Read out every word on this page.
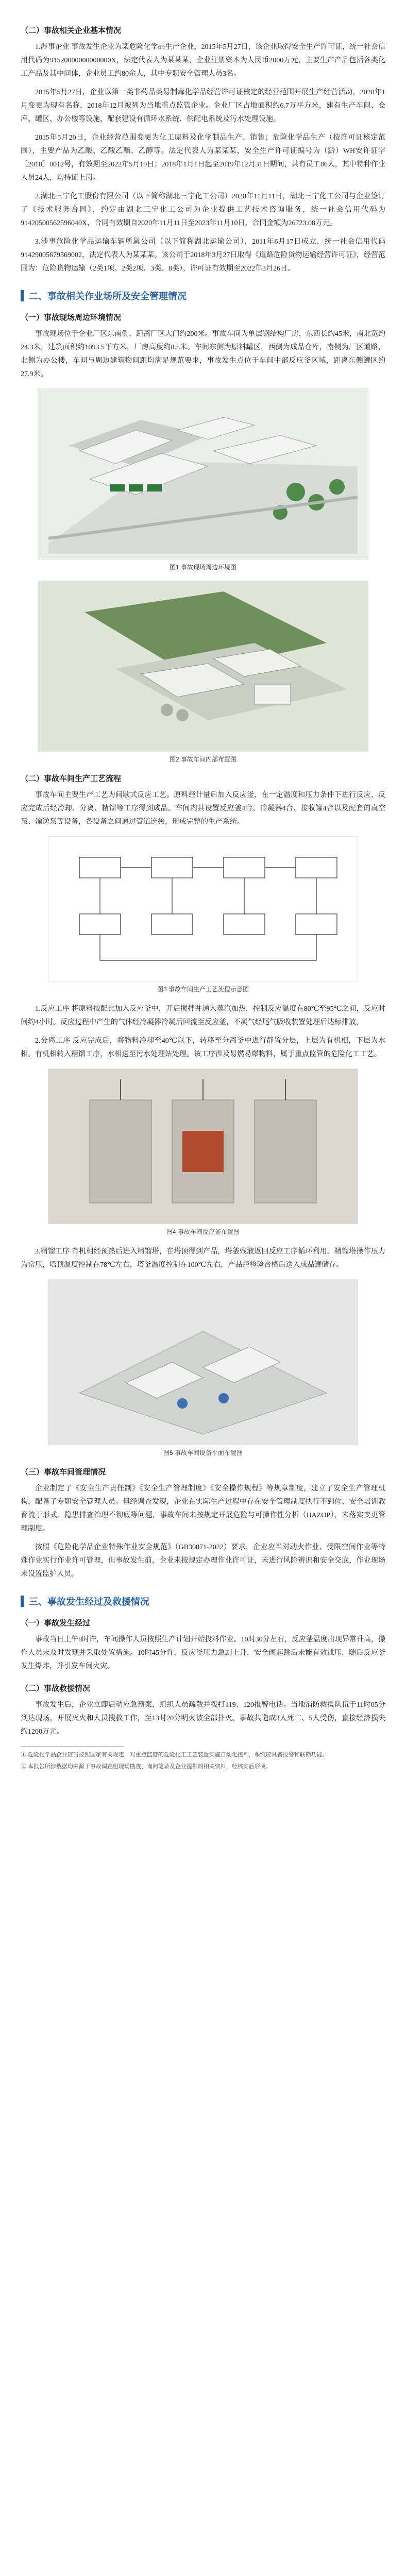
（二）事故相关企业基本情况

1.涉事企业 事故发生企业为某危险化学品生产企业，2015年5月27日，该企业取得安全生产许可证，统一社会信用代码为91520000000000000X，法定代表人为某某某，企业注册资本为人民币2000万元，主要生产产品包括各类化工产品及其中间体，企业员工约80余人，其中专职安全管理人员3名。

2015年5月27日，企业以第一类非药品类易制毒化学品经营许可证核定的经营范围开展生产经营活动，2020年1月变更为现有名称，2018年12月被列为当地重点监管企业。企业厂区占地面积约6.7万平方米，建有生产车间、仓库、罐区、办公楼等设施，配套建设有循环水系统、供配电系统及污水处理设施。

2015年5月20日，企业经营范围变更为化工原料及化学制品生产、销售；危险化学品生产（按许可证核定范围），主要产品为乙酸、乙酸乙酯、乙醇等。法定代表人为某某某，安全生产许可证编号为（黔）WH安许证字［2018］0012号，有效期至2022年5月19日；2018年1月1日起至2019年12月31日期间，共有员工86人，其中特种作业人员24人，均持证上岗。

2.湖北三宁化工股份有限公司（以下简称湖北三宁化工公司）2020年11月11日，湖北三宁化工公司与企业签订了《技术服务合同》，约定由湖北三宁化工公司为企业提供工艺技术咨询服务，统一社会信用代码为91420500562596040X，合同有效期自2020年11月11日至2023年11月10日，合同金额为26723.08万元。

3.涉事危险化学品运输车辆所属公司（以下简称湖北运输公司），2011年6月17日成立，统一社会信用代码91429005679569002，法定代表人为某某某。该公司于2018年3月27日取得《道路危险货物运输经营许可证》，经营范围为：危险货物运输（2类1项、2类2项、3类、8类），许可证有效期至2022年3月26日。

二、事故相关作业场所及安全管理情况
（一）事故现场周边环境情况

事故现场位于企业厂区东南侧，距离厂区大门约200米。事故车间为单层钢结构厂房，东西长约45米，南北宽约24.3米，建筑面积约1093.5平方米，厂房高度约8.5米。车间东侧为原料罐区，西侧为成品仓库，南侧为厂区道路，北侧为办公楼，车间与周边建筑物间距均满足规范要求，事故发生点位于车间中部反应釜区域，距离东侧罐区约27.9米。

图1 事故现场周边环境图
图2 事故车间内部布置图
（二）事故车间生产工艺流程

事故车间主要生产工艺为间歇式反应工艺。原料经计量后加入反应釜，在一定温度和压力条件下进行反应，反应完成后经冷却、分离、精馏等工序得到成品。车间内共设置反应釜4台、冷凝器4台、接收罐4台以及配套的真空泵、输送泵等设备，各设备之间通过管道连接，形成完整的生产系统。

图3 事故车间生产工艺流程示意图

1.反应工序 将原料按配比加入反应釜中，开启搅拌并通入蒸汽加热，控制反应温度在80℃至95℃之间，反应时间约4小时。反应过程中产生的气体经冷凝器冷凝后回流至反应釜，不凝气经尾气吸收装置处理后达标排放。

2.分离工序 反应完成后，将物料冷却至40℃以下，转移至分离釜中进行静置分层，上层为有机相，下层为水相。有机相转入精馏工序，水相送至污水处理站处理。该工序涉及易燃易爆物料，属于重点监管的危险化工工艺。

图4 事故车间反应釜布置图

3.精馏工序 有机相经预热后进入精馏塔，在塔顶得到产品，塔釜残液返回反应工序循环利用。精馏塔操作压力为常压，塔顶温度控制在78℃左右，塔釜温度控制在100℃左右，产品经检验合格后送入成品罐储存。

图5 事故车间设备平面布置图
（三）事故车间管理情况

企业制定了《安全生产责任制》《安全生产管理制度》《安全操作规程》等规章制度，建立了安全生产管理机构，配备了专职安全管理人员。但经调查发现，企业在实际生产过程中存在安全管理制度执行不到位、安全培训教育流于形式、隐患排查治理不彻底等问题，事故车间未按规定开展危险与可操作性分析（HAZOP），未落实变更管理制度。

按照《危险化学品企业特殊作业安全规范》（GB30871-2022）要求，企业应当对动火作业、受限空间作业等特殊作业实行作业许可管理，但事故发生前，企业未按规定办理作业许可证，未进行风险辨识和安全交底，作业现场未设置监护人员。

三、事故发生经过及救援情况
（一）事故发生经过

事故当日上午8时许，车间操作人员按照生产计划开始投料作业。10时30分左右，反应釜温度出现异常升高，操作人员未及时发现并采取处置措施。10时45分许，反应釜压力急剧上升，安全阀起跳后未能有效泄压，随后反应釜发生爆炸，并引发车间火灾。

（二）事故救援情况

事故发生后，企业立即启动应急预案，组织人员疏散并拨打119、120报警电话。当地消防救援队伍于11时05分到达现场，开展灭火和人员搜救工作，至13时20分明火被全部扑灭。事故共造成3人死亡、5人受伤，直接经济损失约1200万元。

① 危险化学品企业应当按照国家有关规定，对重点监管的危险化工工艺装置实施自动化控制，系统应具备报警和联锁功能。

② 本报告所涉数据均来源于事故调查组现场勘查、询问笔录及企业提供的相关资料，经核实后形成。
